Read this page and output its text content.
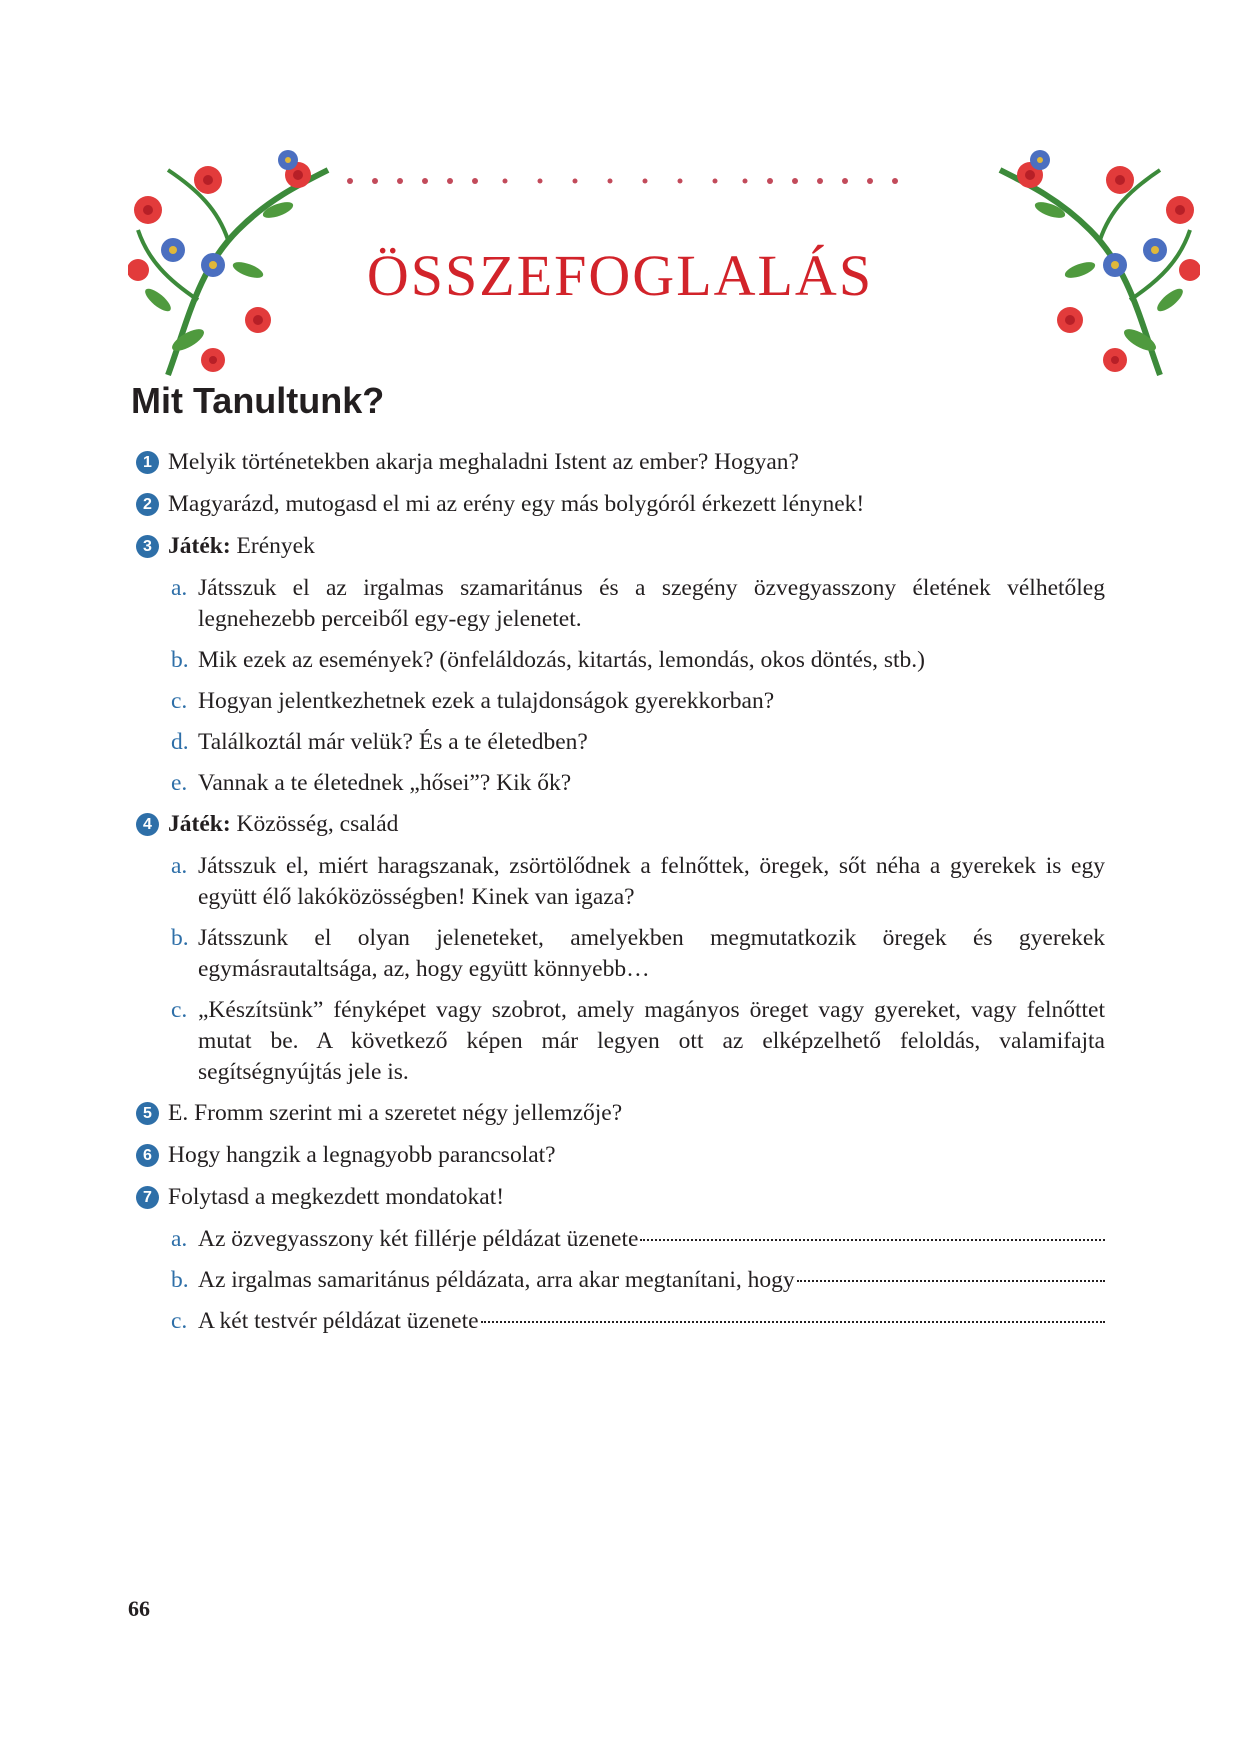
ÖSSZEFOGLALÁS
Mit Tanultunk?
1 Melyik történetekben akarja meghaladni Istent az ember? Hogyan?
2 Magyarázd, mutogasd el mi az erény egy más bolygóról érkezett lénynek!
3 Játék: Erények
a. Játsszuk el az irgalmas szamaritánus és a szegény özvegyasszony életének vélhetőleg legnehezebb perceiből egy-egy jelenetet.
b. Mik ezek az események? (önfeláldozás, kitartás, lemondás, okos döntés, stb.)
c. Hogyan jelentkezhetnek ezek a tulajdonságok gyerekkorban?
d. Találkoztál már velük? És a te életedben?
e. Vannak a te életednek „hősei”? Kik ők?
4 Játék: Közösség, család
a. Játsszuk el, miért haragszanak, zsörtölődnek a felnőttek, öregek, sőt néha a gyerekek is egy együtt élő lakóközösségben! Kinek van igaza?
b. Játsszunk el olyan jeleneteket, amelyekben megmutatkozik öregek és gyerekek egymásrautaltsága, az, hogy együtt könnyebb…
c. „Készítsünk” fényképet vagy szobrot, amely magányos öreget vagy gyereket, vagy felnőttet mutat be. A következő képen már legyen ott az elképzelhető feloldás, valamifajta segítségnyújtás jele is.
5 E. Fromm szerint mi a szeretet négy jellemzője?
6 Hogy hangzik a legnagyobb parancsolat?
7 Folytasd a megkezdett mondatokat!
a. Az özvegyasszony két fillérje példázat üzenete
b. Az irgalmas samaritánus példázata, arra akar megtanítani, hogy
c. A két testvér példázat üzenete
66
